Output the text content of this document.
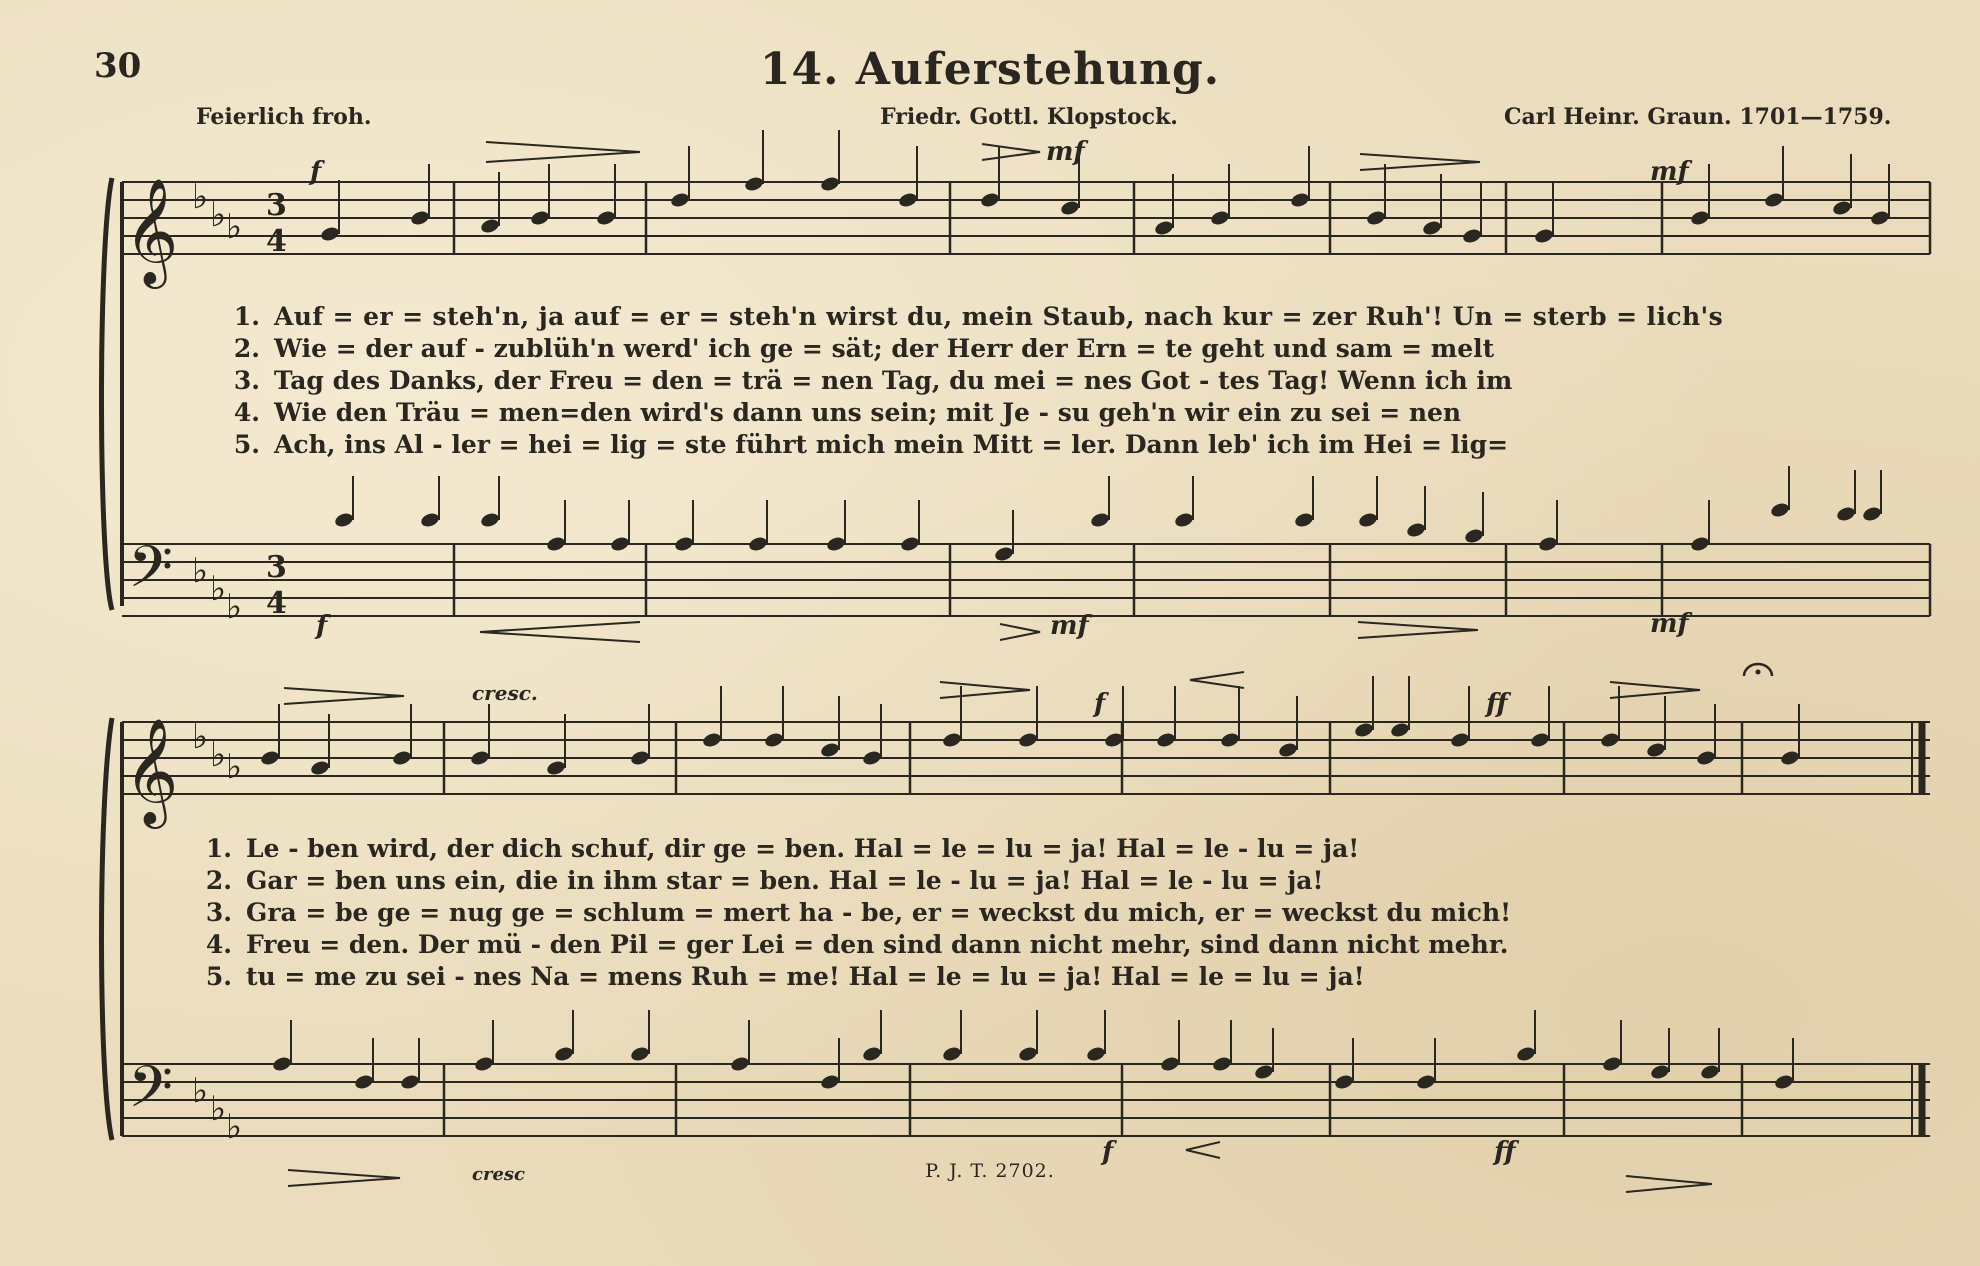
30	14. Auferstehung.
Feierlich froh.	Friedr. Gottl. Klopstock.	Carl Heinr. Graun. 1701—1759.
𝄞
𝄢
𝄞
𝄢
♭ ♭ ♭
♭ ♭ ♭
♭ ♭ ♭
♭ ♭ ♭
3
4
3
4
f
mf
mf
f	mf	mf
cresc.	f	ff
cresc
f	ff
1. Auf = er = steh'n, ja auf = er = steh'n wirst du, mein Staub, nach kur = zer Ruh'! Un = sterb = lich's
2. Wie = der auf - zublüh'n werd' ich ge = sät; der Herr der Ern = te geht und sam = melt
3. Tag des Danks, der Freu = den = trä = nen Tag, du mei = nes Got - tes Tag! Wenn ich im
4. Wie den Träu = men=den wird's dann uns sein; mit Je - su geh'n wir ein zu sei = nen
5. Ach, ins Al - ler = hei = lig = ste führt mich mein Mitt = ler. Dann leb' ich im Hei = lig=
1. Le - ben wird, der dich schuf, dir ge = ben. Hal = le = lu = ja! Hal = le - lu = ja!
2. Gar = ben uns ein, die in ihm star = ben. Hal = le - lu = ja! Hal = le - lu = ja!
3. Gra = be ge = nug ge = schlum = mert ha - be, er = weckst du mich, er = weckst du mich!
4. Freu = den. Der mü - den Pil = ger Lei = den sind dann nicht mehr, sind dann nicht mehr.
5. tu = me zu sei - nes Na = mens Ruh = me! Hal = le = lu = ja! Hal = le = lu = ja!
P. J. T. 2702.
